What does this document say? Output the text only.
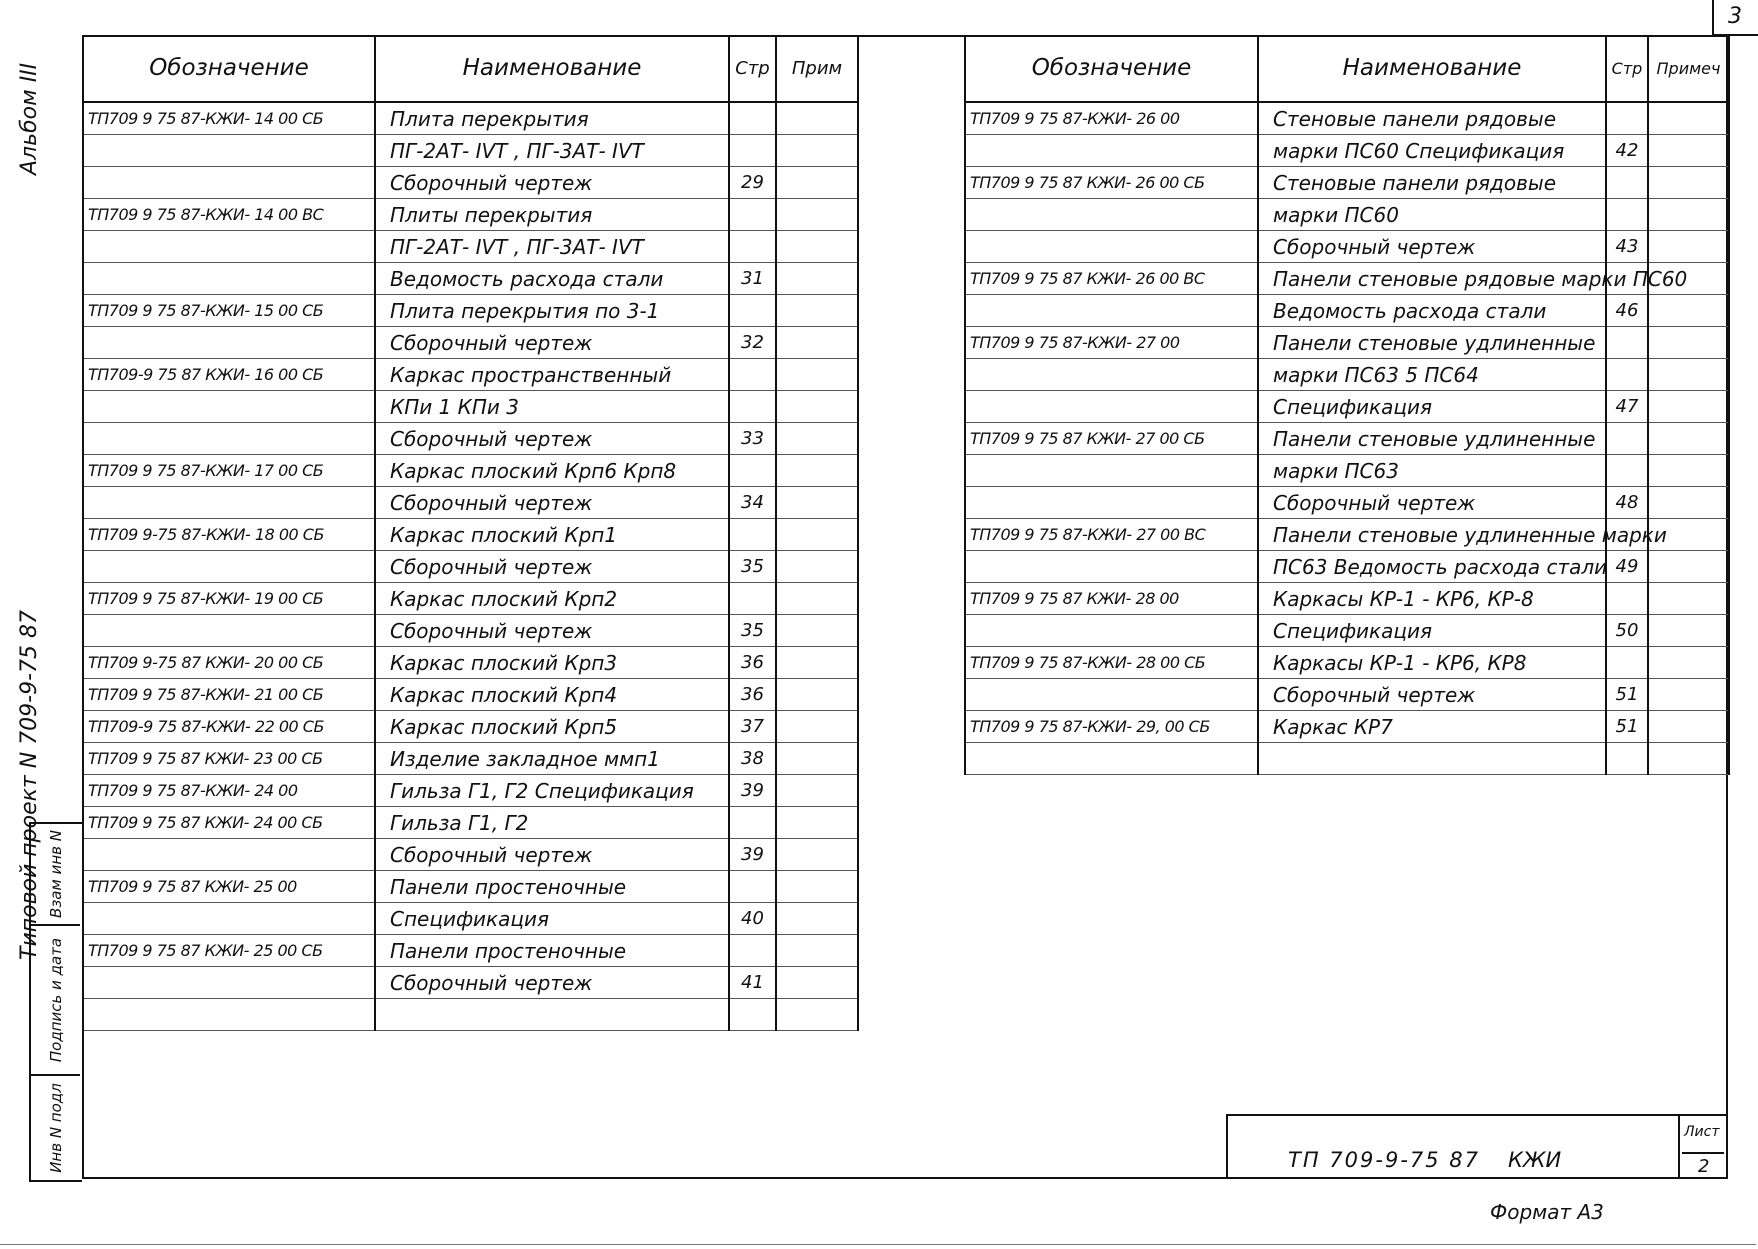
3
Альбом III
Типовой проект N 709-9-75 87 Взам инв N
Подпись и дата
Инв N подл
Обозначение	Наименование	Стр	Прим
ТП709 9 75 87-КЖИ- 14 00 СБ	Плита перекрытия		
	ПГ-2АТ- IVТ , ПГ-3АТ- IVТ		
	Сборочный чертеж	29	
ТП709 9 75 87-КЖИ- 14 00 ВС	Плиты перекрытия		
	ПГ-2АТ- IVТ , ПГ-3АТ- IVТ		
	Ведомость расхода стали	31	
ТП709 9 75 87-КЖИ- 15 00 СБ	Плита перекрытия по 3-1		
	Сборочный чертеж	32	
ТП709-9 75 87 КЖИ- 16 00 СБ	Каркас пространственный		
	КПи 1 КПи 3		
	Сборочный чертеж	33	
ТП709 9 75 87-КЖИ- 17 00 СБ	Каркас плоский Крп6 Крп8		
	Сборочный чертеж	34	
ТП709 9-75 87-КЖИ- 18 00 СБ	Каркас плоский Крп1		
	Сборочный чертеж	35	
ТП709 9 75 87-КЖИ- 19 00 СБ	Каркас плоский Крп2		
	Сборочный чертеж	35	
ТП709 9-75 87 КЖИ- 20 00 СБ	Каркас плоский Крп3	36	
ТП709 9 75 87-КЖИ- 21 00 СБ	Каркас плоский Крп4	36	
ТП709-9 75 87-КЖИ- 22 00 СБ	Каркас плоский Крп5	37	
ТП709 9 75 87 КЖИ- 23 00 СБ	Изделие закладное ммп1	38	
ТП709 9 75 87-КЖИ- 24 00	Гильза Г1, Г2 Спецификация	39	
ТП709 9 75 87 КЖИ- 24 00 СБ	Гильза Г1, Г2		
	Сборочный чертеж	39	
ТП709 9 75 87 КЖИ- 25 00	Панели простеночные		
	Спецификация	40	
ТП709 9 75 87 КЖИ- 25 00 СБ	Панели простеночные		
	Сборочный чертеж	41	

Обозначение	Наименование	Стр	Примеч
ТП709 9 75 87-КЖИ- 26 00	Стеновые панели рядовые		
	марки ПС60 Спецификация	42	
ТП709 9 75 87 КЖИ- 26 00 СБ	Стеновые панели рядовые		
	марки ПС60		
	Сборочный чертеж	43	
ТП709 9 75 87 КЖИ- 26 00 ВС	Панели стеновые рядовые марки ПС60		
	Ведомость расхода стали	46	
ТП709 9 75 87-КЖИ- 27 00	Панели стеновые удлиненные		
	марки ПС63 5 ПС64		
	Спецификация	47	
ТП709 9 75 87 КЖИ- 27 00 СБ	Панели стеновые удлиненные		
	марки ПС63		
	Сборочный чертеж	48	
ТП709 9 75 87-КЖИ- 27 00 ВС	Панели стеновые удлиненные марки		
	ПС63 Ведомость расхода стали	49	
ТП709 9 75 87 КЖИ- 28 00	Каркасы КР-1 - КР6, КР-8		
	Спецификация	50	
ТП709 9 75 87-КЖИ- 28 00 СБ	Каркасы КР-1 - КР6, КР8		
	Сборочный чертеж	51	
ТП709 9 75 87-КЖИ- 29, 00 СБ	Каркас КР7	51	

ТП 709-9-75 87 КЖИ
Лист
2
Формат А3
